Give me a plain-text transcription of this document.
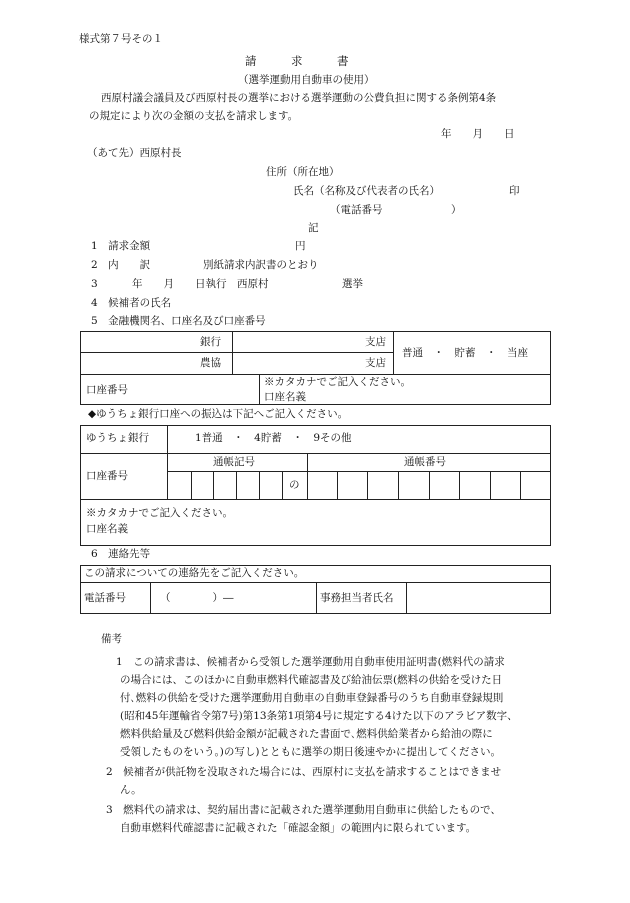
様式第７号その１
請　　　求　　　書
（選挙運動用自動車の使用）
西原村議会議員及び西原村長の選挙における選挙運動の公費負担に関する条例第4条
の規定により次の金額の支払を請求します。
年　　月　　日
（あて先）西原村長
住所（所在地）
氏名（名称及び代表者の氏名）	印
（電話番号	）
記
1　請求金額	円
2　内　　訳	別紙請求内訳書のとおり
3	年　　月　　日執行　西原村	選挙
4　候補者の氏名
5　金融機関名、口座名及び口座番号
銀行	支店
農協	支店
普通　・　貯蓄　・　当座
口座番号
※カタカナでご記入ください。
口座名義
◆ゆうちょ銀行口座への振込は下記へご記入ください。
ゆうちょ銀行	1普通　・　4貯蓄　・　9その他
口座番号
通帳記号	通帳番号
の
※カタカナでご記入ください。
口座名義
6　連絡先等
この請求についての連絡先をご記入ください。
電話番号	（　　　　）―	事務担当者氏名
備考
1　この請求書は、候補者から受領した選挙運動用自動車使用証明書(燃料代の請求
の場合には、このほかに自動車燃料代確認書及び給油伝票(燃料の供給を受けた日
付､燃料の供給を受けた選挙運動用自動車の自動車登録番号のうち自動車登録規則
(昭和45年運輸省令第7号)第13条第1項第4号に規定する4けた以下のアラビア数字、
燃料供給量及び燃料供給金額が記載された書面で､燃料供給業者から給油の際に
受領したものをいう。)の写し)とともに選挙の期日後速やかに提出してください。
2　候補者が供託物を没取された場合には、西原村に支払を請求することはできませ
ん。
3　燃料代の請求は、契約届出書に記載された選挙運動用自動車に供給したもので、
自動車燃料代確認書に記載された「確認金額」の範囲内に限られています。
